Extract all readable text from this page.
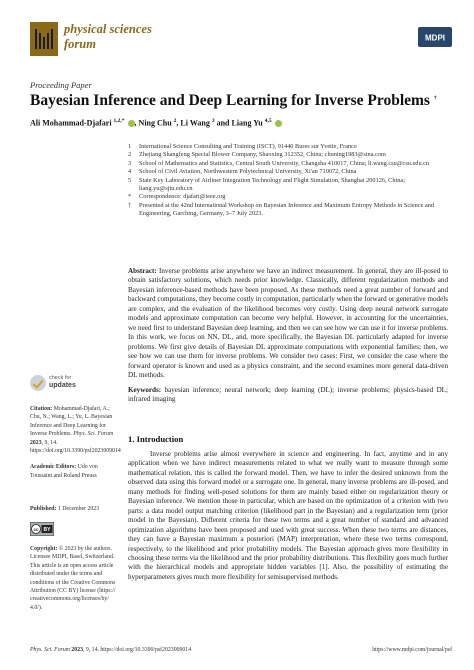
physical sciences
forum	MDPI
Proceeding Paper
Bayesian Inference and Deep Learning for Inverse Problems †
Ali Mohammad-Djafari $^{1,2,*}$ , Ning Chu $^2$, Li Wang $^3$ and Liang Yu $^{4,5}$
1	International Science Consulting and Training (ISCT), 91440 Bures sur Yvette, France
2	Zhejiang Shangfeng Special Blower Company, Shaoxing 312352, China; chuning1983@sina.com
3	School of Mathematics and Statistics, Central South University, Changsha 410017, China; li.wang.csu@csu.edu.cn
4	School of Civil Aviation, Northwestern Polytechnical University, Xi'an 710072, China
5	State Key Laboratory of Airliner Integration Technology and Flight Simulation, Shanghai 200126, China; liang.yu@sjtu.edu.cn
*	Correspondence: djafari@ieee.org
†	Presented at the 42nd International Workshop on Bayesian Inference and Maximum Entropy Methods in Science and Engineering, Garching, Germany, 3–7 July 2023.
Abstract: Inverse problems arise anywhere we have an indirect measurement. In general, they are ill-posed to obtain satisfactory solutions, which needs prior knowledge. Classically, different regularization methods and Bayesian inference-based methods have been proposed. As these methods need a great number of forward and backward computations, they become costly in computation, particularly when the forward or generative models are complex, and the evaluation of the likelihood becomes very costly. Using deep neural network surrogate models and approximate computation can become very helpful. However, in accounting for the uncertainties, we need first to understand Bayesian deep learning, and then we can see how we can use it for inverse problems. In this work, we focus on NN, DL, and, more specifically, the Bayesian DL particularly adapted for inverse problems. We first give details of Bayesian DL approximate computations with exponential families; then, we see how we can use them for inverse problems. We consider two cases: First, we consider the case where the forward operator is known and used as a physics constraint, and the second examines more general data-driven DL methods.
Keywords: bayesian inference; neural network; deep learning (DL); inverse problems; physics-based DL; infrared imaging
1. Introduction

Inverse problems arise almost everywhere in science and engineering. In fact, anytime and in any application when we have indirect measurements related to what we really want to measure through some mathematical relation, this is called the forward model. Then, we have to infer the desired unknown from the observed data using this forward model or a surrogate one. In general, many inverse problems are ill-posed, and many methods for finding well-posed solutions for them are mainly based either on regularization theory or Bayesian inference. We mention those in particular, which are based on the optimization of a criterion with two parts: a data model output matching criterion (likelihood part in the Bayesian) and a regularization term (prior model in the Bayesian). Different criteria for these two terms and a great number of standard and advanced optimization algorithms have been proposed and used with great success. When these two terms are distances, they can have a Bayesian maximum a posteriori (MAP) interpretation, where these two terms correspond, respectively, to the likelihood and prior probability models. The Bayesian approach gives more flexibility in choosing these terms via the likelihood and the prior probability distributions. This flexibility goes much further with the hierarchical models and appropriate hidden variables [1]. Also, the possibility of estimating the hyperparameters gives much more flexibility for semisupervised methods.

check for
updates
Citation: Mohammad-Djafari, A.; Chu, N.; Wang, L.; Yu, L. Bayesian Inference and Deep Learning for Inverse Problems. Phys. Sci. Forum 2023, 9, 14. https://doi.org/10.3390/psf2023009014
Academic Editors: Udo von Toussaint and Roland Preuss
Published: 1 December 2023
cc BY
Copyright: © 2023 by the authors. Licensee MDPI, Basel, Switzerland. This article is an open access article distributed under the terms and conditions of the Creative Commons Attribution (CC BY) license (https:// creativecommons.org/licenses/by/ 4.0/).
Phys. Sci. Forum 2023, 9, 14. https://doi.org/10.3390/psf2023009014	https://www.mdpi.com/journal/psf
